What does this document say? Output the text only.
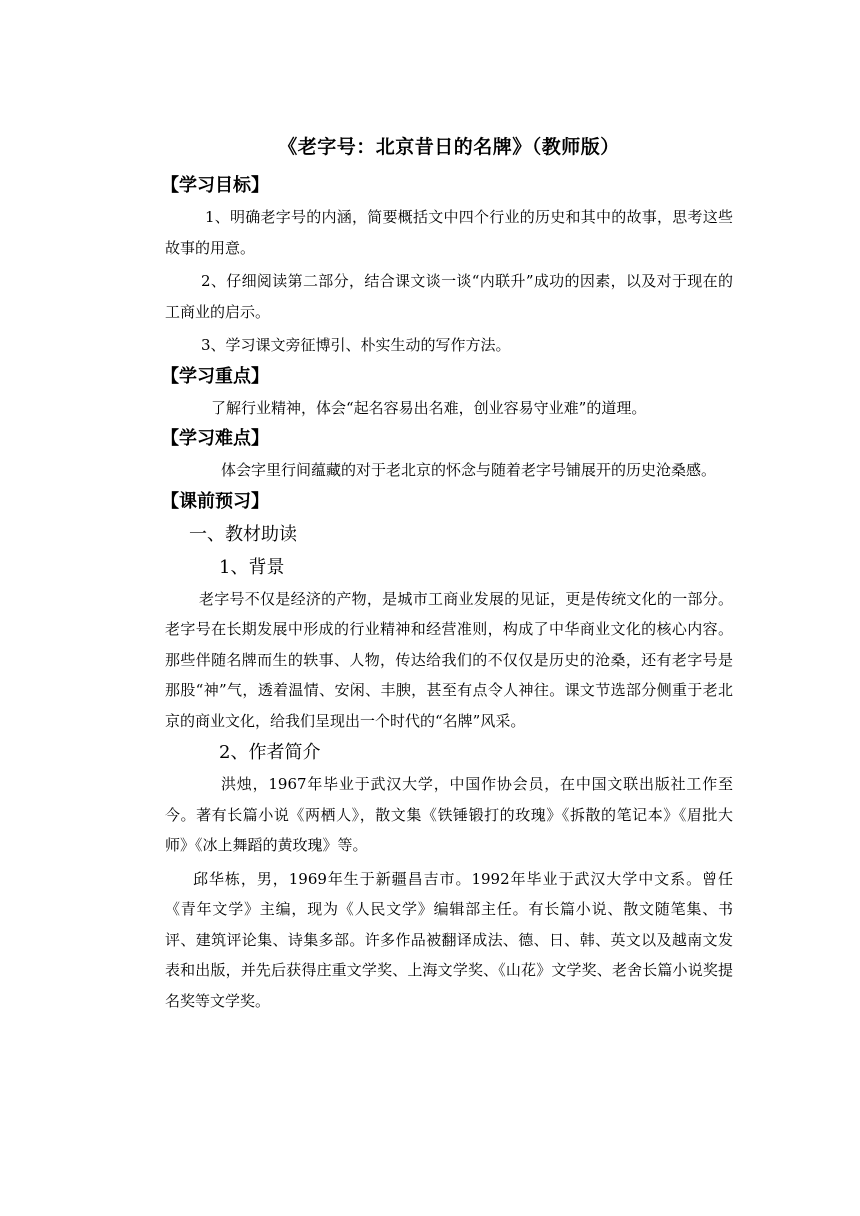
《老字号：北京昔日的名牌》（教师版）
【学习目标】

1、明确老字号的内涵，简要概括文中四个行业的历史和其中的故事，思考这些故事的用意。

2、仔细阅读第二部分，结合课文谈一谈“内联升”成功的因素，以及对于现在的工商业的启示。

3、学习课文旁征博引、朴实生动的写作方法。

【学习重点】

了解行业精神，体会“起名容易出名难，创业容易守业难”的道理。

【学习难点】

体会字里行间蕴藏的对于老北京的怀念与随着老字号铺展开的历史沧桑感。

【课前预习】

一、教材助读

1、背景

老字号不仅是经济的产物，是城市工商业发展的见证，更是传统文化的一部分。老字号在长期发展中形成的行业精神和经营准则，构成了中华商业文化的核心内容。那些伴随名牌而生的轶事、人物，传达给我们的不仅仅是历史的沧桑，还有老字号是那股“神”气，透着温情、安闲、丰腴，甚至有点令人神往。课文节选部分侧重于老北京的商业文化，给我们呈现出一个时代的“名牌”风采。

2、作者简介

洪烛，1967年毕业于武汉大学，中国作协会员，在中国文联出版社工作至今。著有长篇小说《两栖人》，散文集《铁锤锻打的玫瑰》《拆散的笔记本》《眉批大师》《冰上舞蹈的黄玫瑰》等。

邱华栋，男，1969年生于新疆昌吉市。1992年毕业于武汉大学中文系。曾任《青年文学》主编，现为《人民文学》编辑部主任。有长篇小说、散文随笔集、书评、建筑评论集、诗集多部。许多作品被翻译成法、德、日、韩、英文以及越南文发表和出版，并先后获得庄重文学奖、上海文学奖、《山花》文学奖、老舍长篇小说奖提名奖等文学奖。
